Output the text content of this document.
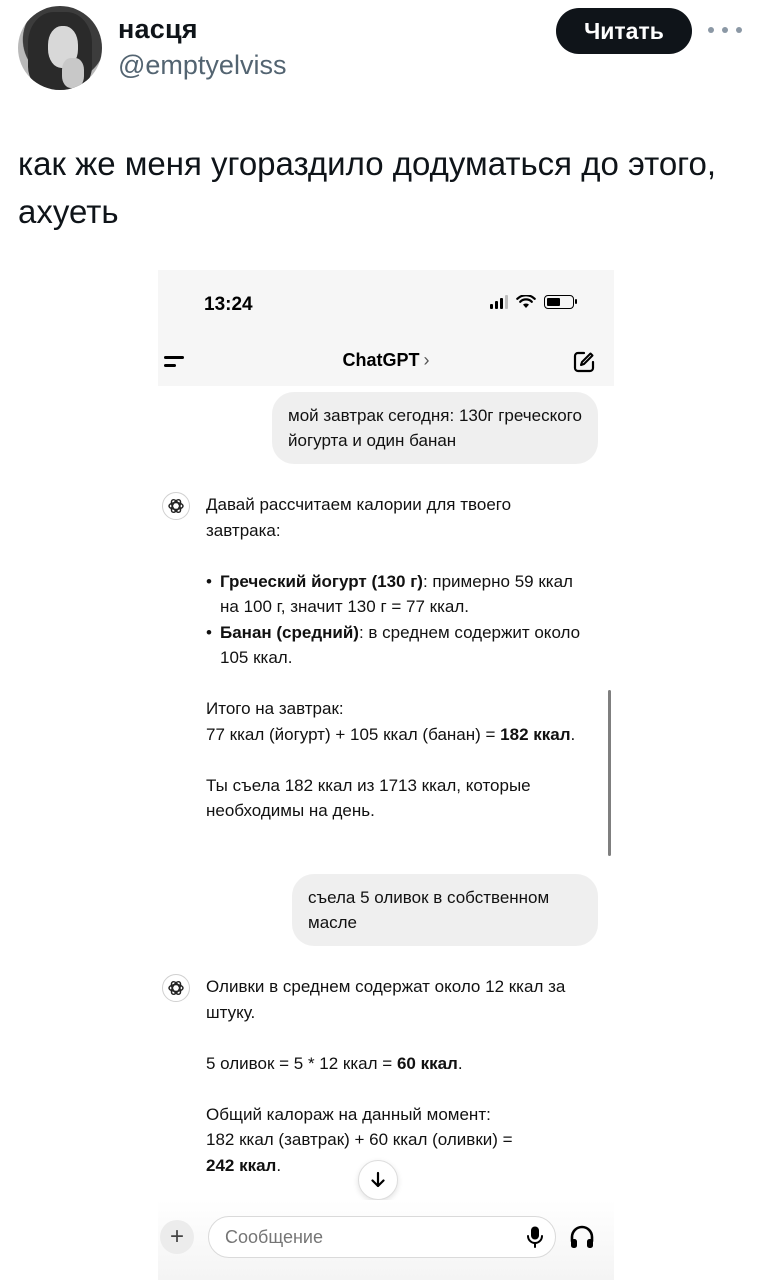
насця
@emptyelviss
Читать
как же меня угораздило додуматься до этого, ахуеть
13:24
ChatGPT ›
мой завтрак сегодня: 130г греческого йогурта и один банан

Давай рассчитаем калории для твоего завтрака:

• Греческий йогурт (130 г): примерно 59 ккал на 100 г, значит 130 г = 77 ккал.
• Банан (средний): в среднем содержит около 105 ккал.

Итого на завтрак:
77 ккал (йогурт) + 105 ккал (банан) = 182 ккал.

Ты съела 182 ккал из 1713 ккал, которые необходимы на день.

съела 5 оливок в собственном масле

Оливки в среднем содержат около 12 ккал за штуку.

5 оливок = 5 * 12 ккал = 60 ккал.

Общий калораж на данный момент:
182 ккал (завтрак) + 60 ккал (оливки) =
242 ккал.

+
Сообщение
